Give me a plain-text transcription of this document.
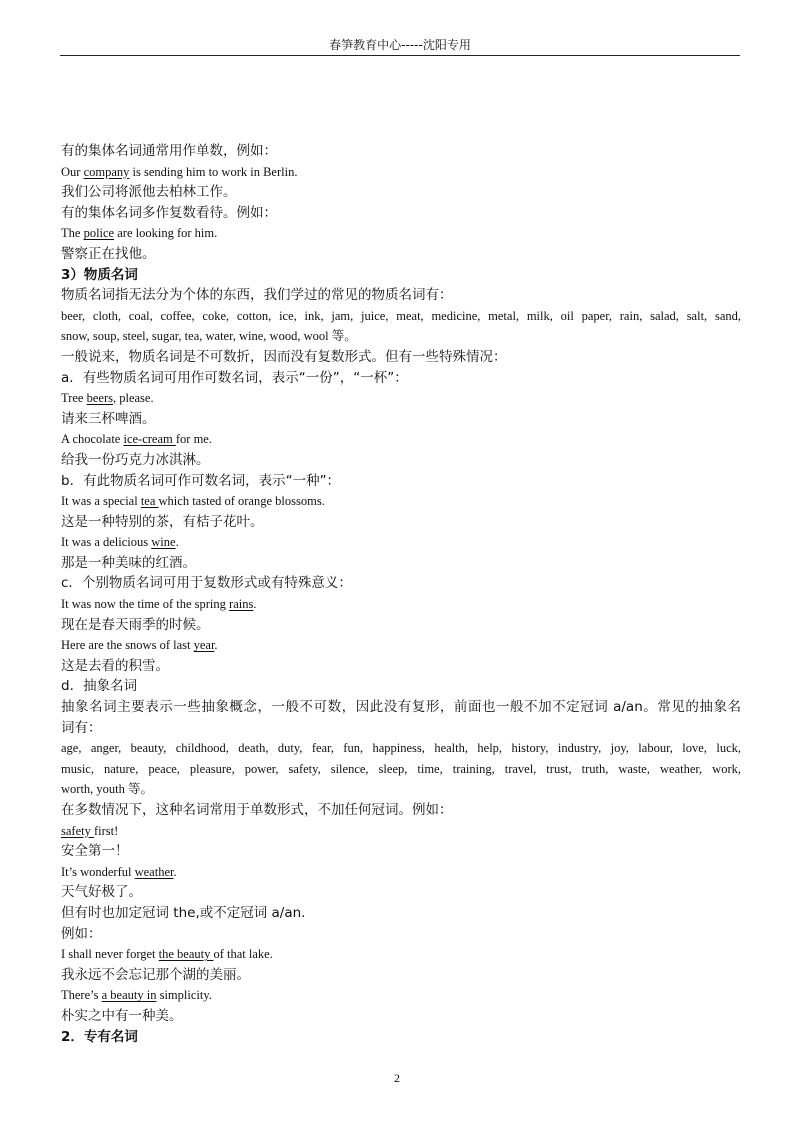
春笋教育中心-----沈阳专用
有的集体名词通常用作单数，例如：
Our company is sending him to work in Berlin.
我们公司将派他去柏林工作。
有的集体名词多作复数看待。例如：
The police are looking for him.
警察正在找他。
3）物质名词
物质名词指无法分为个体的东西，我们学过的常见的物质名词有：
beer, cloth, coal, coffee, coke, cotton, ice, ink, jam, juice, meat, medicine, metal, milk, oil paper, rain, salad, salt, sand,
snow, soup, steel, sugar, tea, water, wine, wood, wool 等。
一般说来，物质名词是不可数折，因而没有复数形式。但有一些特殊情况：
a．有些物质名词可用作可数名词，表示“一份”，“一杯”：
Tree beers, please.
请来三杯啤酒。
A chocolate ice-cream for me.
给我一份巧克力冰淇淋。
b．有此物质名词可作可数名词，表示“一种”：
It was a special tea which tasted of orange blossoms.
这是一种特别的茶，有桔子花叶。
It was a delicious wine.
那是一种美味的红酒。
c．个别物质名词可用于复数形式或有特殊意义：
It was now the time of the spring rains.
现在是春天雨季的时候。
Here are the snows of last year.
这是去看的积雪。
d．抽象名词
抽象名词主要表示一些抽象概念，一般不可数，因此没有复形，前面也一般不加不定冠词 a/an。常见的抽象名
词有：
age, anger, beauty, childhood, death, duty, fear, fun, happiness, health, help, history, industry, joy, labour, love, luck,
music, nature, peace, pleasure, power, safety, silence, sleep, time, training, travel, trust, truth, waste, weather, work,
worth, youth 等。
在多数情况下，这种名词常用于单数形式，不加任何冠词。例如：
safety first!
安全第一！
It’s wonderful weather.
天气好极了。
但有时也加定冠词 the,或不定冠词 a/an.
例如：
I shall never forget the beauty of that lake.
我永远不会忘记那个湖的美丽。
There’s a beauty in simplicity.
朴实之中有一种美。
2．专有名词
2
